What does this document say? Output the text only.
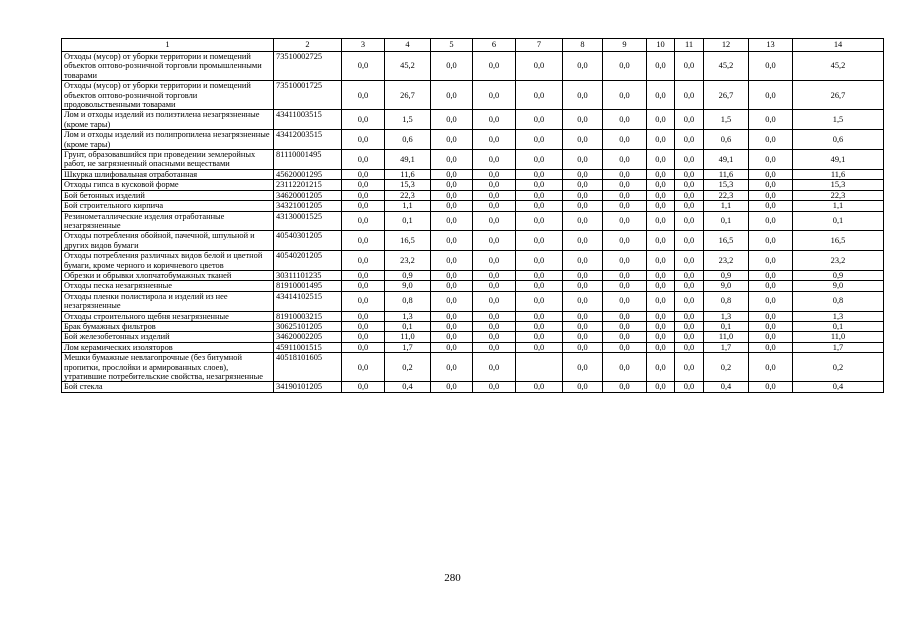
1	2	3	4	5	6	7	8	9	10	11	12	13	14
Отходы (мусор) от уборки территории и помещений объектов оптово-розничной торговли промышленными товарами	73510002725	0,0	45,2	0,0	0,0	0,0	0,0	0,0	0,0	0,0	45,2	0,0	45,2
Отходы (мусор) от уборки территории и помещений объектов оптово-розничной торговли продовольственными товарами	73510001725	0,0	26,7	0,0	0,0	0,0	0,0	0,0	0,0	0,0	26,7	0,0	26,7
Лом и отходы изделий из полиэтилена незагрязненные (кроме тары)	43411003515	0,0	1,5	0,0	0,0	0,0	0,0	0,0	0,0	0,0	1,5	0,0	1,5
Лом и отходы изделий из полипропилена незагрязненные (кроме тары)	43412003515	0,0	0,6	0,0	0,0	0,0	0,0	0,0	0,0	0,0	0,6	0,0	0,6
Грунт, образовавшийся при проведении землеройных работ, не загрязненный опасными веществами	81110001495	0,0	49,1	0,0	0,0	0,0	0,0	0,0	0,0	0,0	49,1	0,0	49,1
Шкурка шлифовальная отработанная	45620001295	0,0	11,6	0,0	0,0	0,0	0,0	0,0	0,0	0,0	11,6	0,0	11,6
Отходы гипса в кусковой форме	23112201215	0,0	15,3	0,0	0,0	0,0	0,0	0,0	0,0	0,0	15,3	0,0	15,3
Бой бетонных изделий	34620001205	0,0	22,3	0,0	0,0	0,0	0,0	0,0	0,0	0,0	22,3	0,0	22,3
Бой строительного кирпича	34321001205	0,0	1,1	0,0	0,0	0,0	0,0	0,0	0,0	0,0	1,1	0,0	1,1
Резинометаллические изделия отработанные незагрязненные	43130001525	0,0	0,1	0,0	0,0	0,0	0,0	0,0	0,0	0,0	0,1	0,0	0,1
Отходы потребления обойной, пачечной, шпульной и других видов бумаги	40540301205	0,0	16,5	0,0	0,0	0,0	0,0	0,0	0,0	0,0	16,5	0,0	16,5
Отходы потребления различных видов белой и цветной бумаги, кроме черного и коричневого цветов	40540201205	0,0	23,2	0,0	0,0	0,0	0,0	0,0	0,0	0,0	23,2	0,0	23,2
Обрезки и обрывки хлопчатобумажных тканей	30311101235	0,0	0,9	0,0	0,0	0,0	0,0	0,0	0,0	0,0	0,9	0,0	0,9
Отходы песка незагрязненные	81910001495	0,0	9,0	0,0	0,0	0,0	0,0	0,0	0,0	0,0	9,0	0,0	9,0
Отходы пленки полистирола и изделий из нее незагрязненные	43414102515	0,0	0,8	0,0	0,0	0,0	0,0	0,0	0,0	0,0	0,8	0,0	0,8
Отходы строительного щебня незагрязненные	81910003215	0,0	1,3	0,0	0,0	0,0	0,0	0,0	0,0	0,0	1,3	0,0	1,3
Брак бумажных фильтров	30625101205	0,0	0,1	0,0	0,0	0,0	0,0	0,0	0,0	0,0	0,1	0,0	0,1
Бой железобетонных изделий	34620002205	0,0	11,0	0,0	0,0	0,0	0,0	0,0	0,0	0,0	11,0	0,0	11,0
Лом керамических изоляторов	45911001515	0,0	1,7	0,0	0,0	0,0	0,0	0,0	0,0	0,0	1,7	0,0	1,7
Мешки бумажные невлагопрочные (без битумной пропитки, прослойки и армированных слоев), утратившие потребительские свойства, незагрязненные	40518101605	0,0	0,2	0,0	0,0		0,0	0,0	0,0	0,0	0,2	0,0	0,2
Бой стекла	34190101205	0,0	0,4	0,0	0,0	0,0	0,0	0,0	0,0	0,0	0,4	0,0	0,4
280
